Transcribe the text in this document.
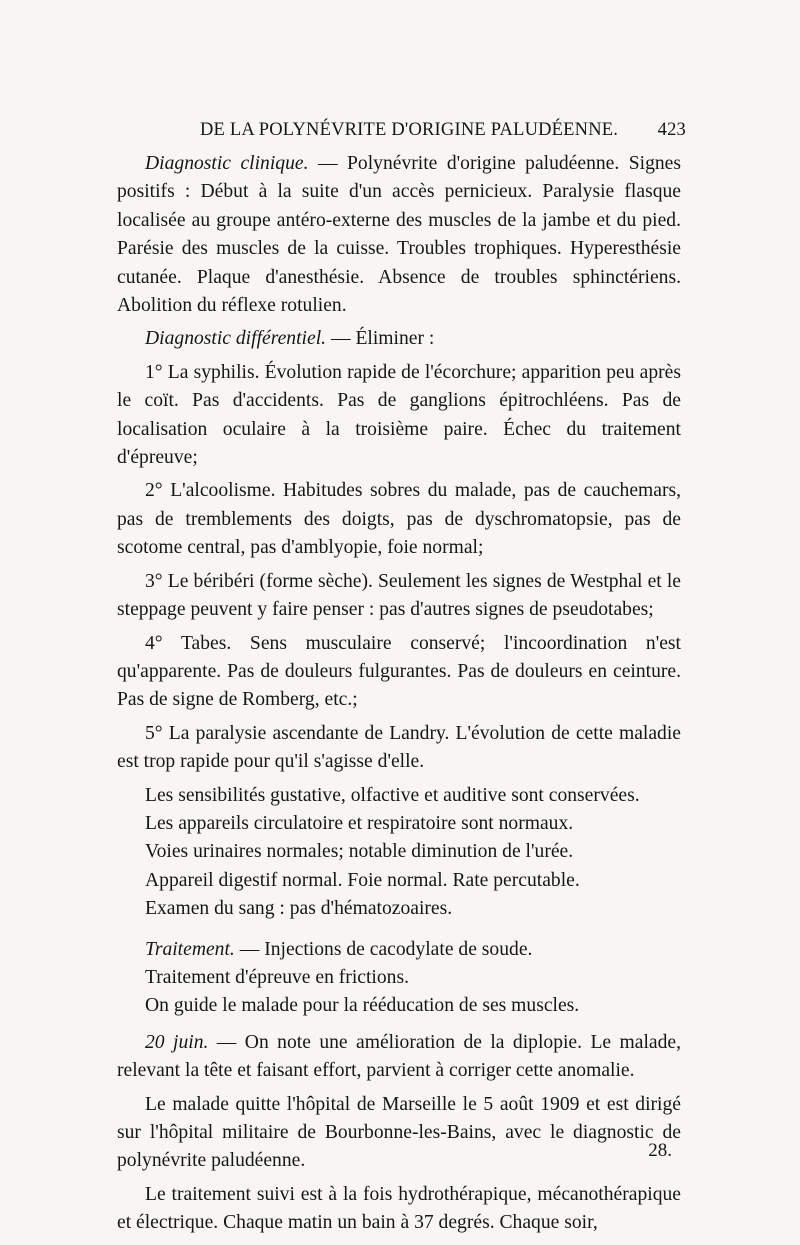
DE LA POLYNÉVRITE D'ORIGINE PALUDÉENNE. 423

Diagnostic clinique. — Polynévrite d'origine paludéenne. Signes positifs : Début à la suite d'un accès pernicieux. Paralysie flasque localisée au groupe antéro-externe des muscles de la jambe et du pied. Parésie des muscles de la cuisse. Troubles trophiques. Hyperesthésie cutanée. Plaque d'anesthésie. Absence de troubles sphinctériens. Abolition du réflexe rotulien.

Diagnostic différentiel. — Éliminer :

1° La syphilis. Évolution rapide de l'écorchure; apparition peu après le coït. Pas d'accidents. Pas de ganglions épitrochléens. Pas de localisation oculaire à la troisième paire. Échec du traitement d'épreuve;

2° L'alcoolisme. Habitudes sobres du malade, pas de cauchemars, pas de tremblements des doigts, pas de dyschromatopsie, pas de scotome central, pas d'amblyopie, foie normal;

3° Le béribéri (forme sèche). Seulement les signes de Westphal et le steppage peuvent y faire penser : pas d'autres signes de pseudotabes;

4° Tabes. Sens musculaire conservé; l'incoordination n'est qu'apparente. Pas de douleurs fulgurantes. Pas de douleurs en ceinture. Pas de signe de Romberg, etc.;

5° La paralysie ascendante de Landry. L'évolution de cette maladie est trop rapide pour qu'il s'agisse d'elle.

Les sensibilités gustative, olfactive et auditive sont conservées.

Les appareils circulatoire et respiratoire sont normaux.

Voies urinaires normales; notable diminution de l'urée.

Appareil digestif normal. Foie normal. Rate percutable.

Examen du sang : pas d'hématozoaires.

Traitement. — Injections de cacodylate de soude.

Traitement d'épreuve en frictions.

On guide le malade pour la rééducation de ses muscles.

20 juin. — On note une amélioration de la diplopie. Le malade, relevant la tête et faisant effort, parvient à corriger cette anomalie.

Le malade quitte l'hôpital de Marseille le 5 août 1909 et est dirigé sur l'hôpital militaire de Bourbonne-les-Bains, avec le diagnostic de polynévrite paludéenne.

Le traitement suivi est à la fois hydrothérapique, mécanothérapique et électrique. Chaque matin un bain à 37 degrés. Chaque soir,

28.
